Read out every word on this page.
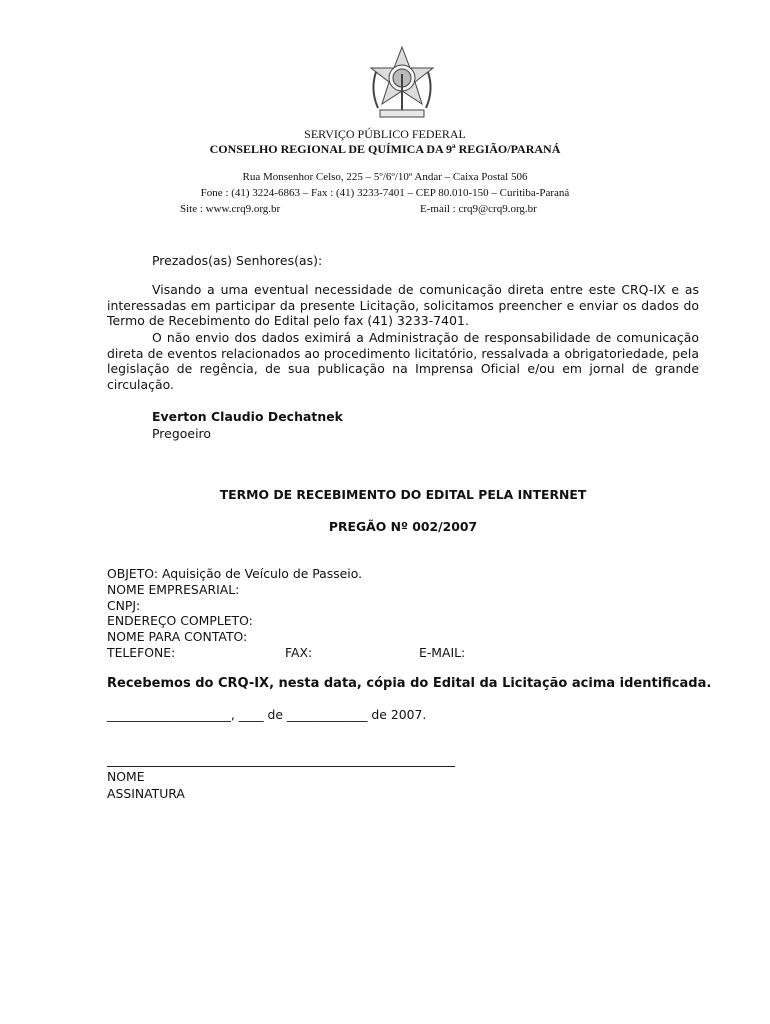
SERVIÇO PÚBLICO FEDERAL
CONSELHO REGIONAL DE QUÍMICA DA 9ª REGIÃO/PARANÁ
Rua Monsenhor Celso, 225 – 5º/6º/10º Andar – Caixa Postal 506
Fone : (41) 3224-6863 – Fax : (41) 3233-7401 – CEP 80.010-150 – Curitiba-Paraná
Site : www.crq9.org.br	E-mail : crq9@crq9.org.br
Prezados(as) Senhores(as):

Visando a uma eventual necessidade de comunicação direta entre este CRQ-IX e as interessadas em participar da presente Licitação, solicitamos preencher e enviar os dados do Termo de Recebimento do Edital pelo fax (41) 3233-7401.

O não envio dos dados eximirá a Administração de responsabilidade de comunicação direta de eventos relacionados ao procedimento licitatório, ressalvada a obrigatoriedade, pela legislação de regência, de sua publicação na Imprensa Oficial e/ou em jornal de grande circulação.

Everton Claudio Dechatnek
Pregoeiro
TERMO DE RECEBIMENTO DO EDITAL PELA INTERNET
PREGÃO Nº 002/2007
OBJETO: Aquisição de Veículo de Passeio.
NOME EMPRESARIAL:
CNPJ:
ENDEREÇO COMPLETO:
NOME PARA CONTATO:
TELEFONE:	FAX:	E-MAIL:
Recebemos do CRQ-IX, nesta data, cópia do Edital da Licitação acima identificada.
____________________, ____ de _____________ de 2007.
NOME
ASSINATURA
